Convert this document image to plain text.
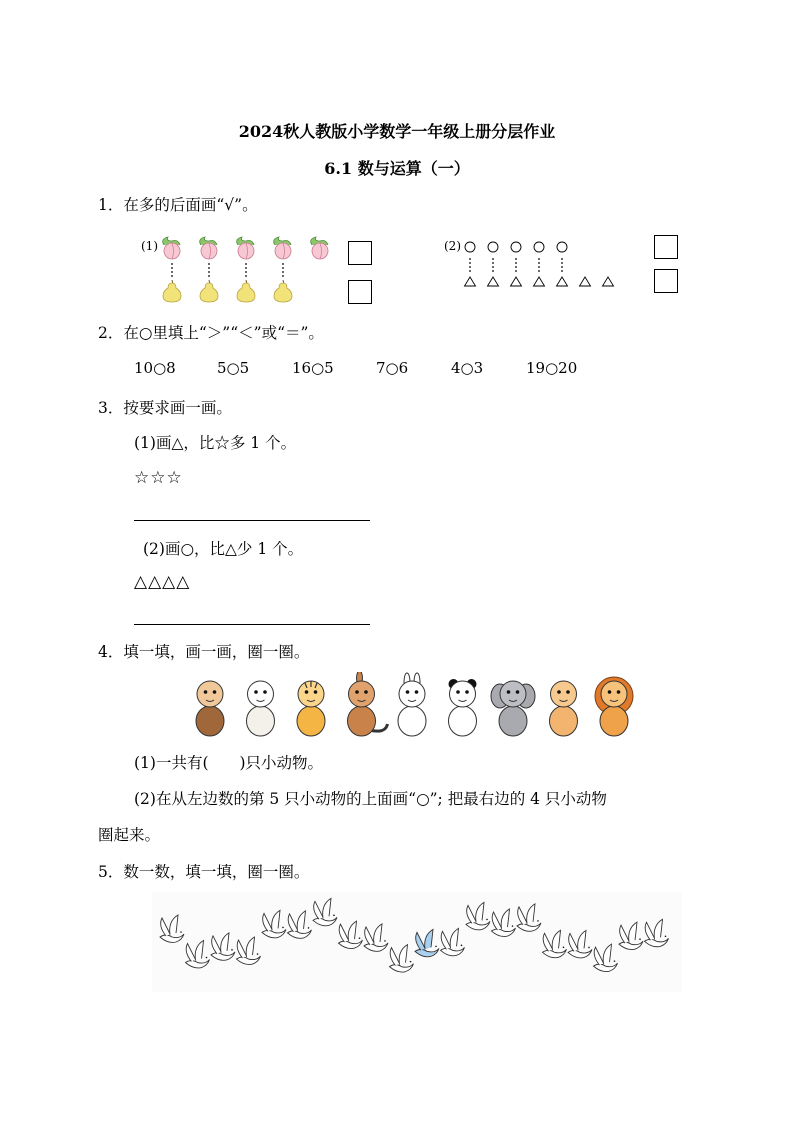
2024秋人教版小学数学一年级上册分层作业
6.1 数与运算（一）
1．在多的后面画“√”。
(1)	(2)
2．在○里填上“＞”“＜”或“＝”。
10○8	5○5	16○5	7○6	4○3	19○20
3．按要求画一画。
(1)画△，比☆多 1 个。
☆☆☆
(2)画○，比△少 1 个。
△△△△
4．填一填，画一画，圈一圈。
(1)一共有(　　)只小动物。
(2)在从左边数的第 5 只小动物的上面画“○”; 把最右边的 4 只小动物
圈起来。
5．数一数，填一填，圈一圈。
